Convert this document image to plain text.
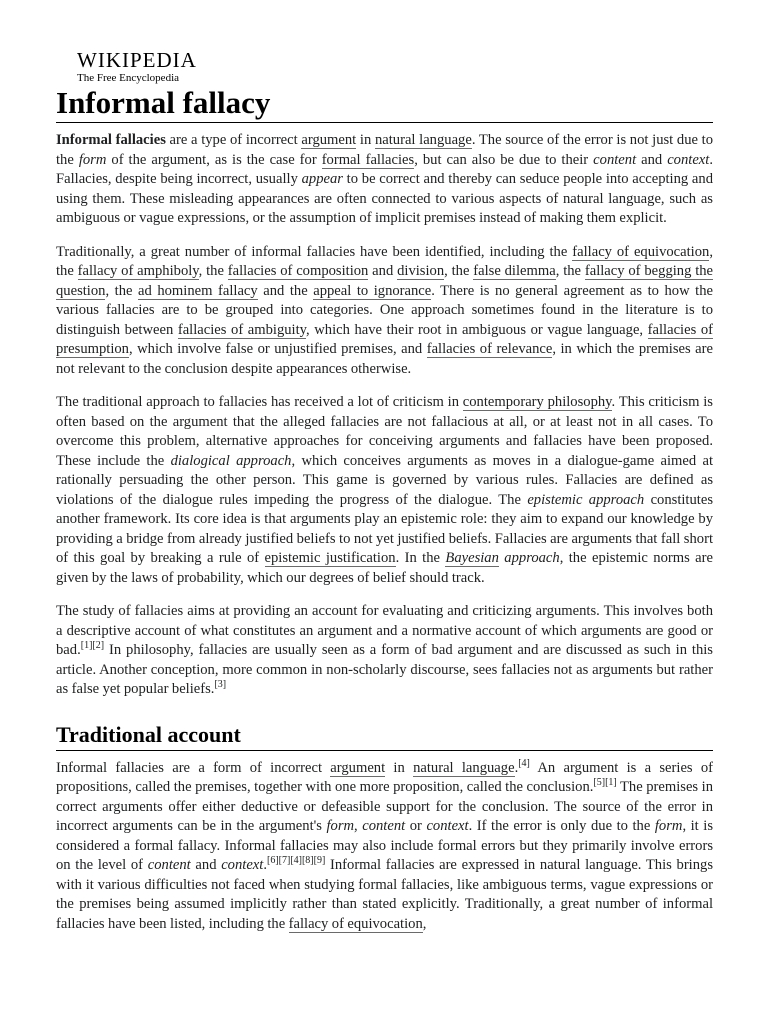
WIKIPEDIA
The Free Encyclopedia
Informal fallacy

Informal fallacies are a type of incorrect argument in natural language. The source of the error is not just due to the form of the argument, as is the case for formal fallacies, but can also be due to their content and context. Fallacies, despite being incorrect, usually appear to be correct and thereby can seduce people into accepting and using them. These misleading appearances are often connected to various aspects of natural language, such as ambiguous or vague expressions, or the assumption of implicit premises instead of making them explicit.

Traditionally, a great number of informal fallacies have been identified, including the fallacy of equivocation, the fallacy of amphiboly, the fallacies of composition and division, the false dilemma, the fallacy of begging the question, the ad hominem fallacy and the appeal to ignorance. There is no general agreement as to how the various fallacies are to be grouped into categories. One approach sometimes found in the literature is to distinguish between fallacies of ambiguity, which have their root in ambiguous or vague language, fallacies of presumption, which involve false or unjustified premises, and fallacies of relevance, in which the premises are not relevant to the conclusion despite appearances otherwise.

The traditional approach to fallacies has received a lot of criticism in contemporary philosophy. This criticism is often based on the argument that the alleged fallacies are not fallacious at all, or at least not in all cases. To overcome this problem, alternative approaches for conceiving arguments and fallacies have been proposed. These include the dialogical approach, which conceives arguments as moves in a dialogue-game aimed at rationally persuading the other person. This game is governed by various rules. Fallacies are defined as violations of the dialogue rules impeding the progress of the dialogue. The epistemic approach constitutes another framework. Its core idea is that arguments play an epistemic role: they aim to expand our knowledge by providing a bridge from already justified beliefs to not yet justified beliefs. Fallacies are arguments that fall short of this goal by breaking a rule of epistemic justification. In the Bayesian approach, the epistemic norms are given by the laws of probability, which our degrees of belief should track.

The study of fallacies aims at providing an account for evaluating and criticizing arguments. This involves both a descriptive account of what constitutes an argument and a normative account of which arguments are good or bad.[1][2] In philosophy, fallacies are usually seen as a form of bad argument and are discussed as such in this article. Another conception, more common in non-scholarly discourse, sees fallacies not as arguments but rather as false yet popular beliefs.[3]

Traditional account

Informal fallacies are a form of incorrect argument in natural language.[4] An argument is a series of propositions, called the premises, together with one more proposition, called the conclusion.[5][1] The premises in correct arguments offer either deductive or defeasible support for the conclusion. The source of the error in incorrect arguments can be in the argument's form, content or context. If the error is only due to the form, it is considered a formal fallacy. Informal fallacies may also include formal errors but they primarily involve errors on the level of content and context.[6][7][4][8][9] Informal fallacies are expressed in natural language. This brings with it various difficulties not faced when studying formal fallacies, like ambiguous terms, vague expressions or the premises being assumed implicitly rather than stated explicitly. Traditionally, a great number of informal fallacies have been listed, including the fallacy of equivocation,
